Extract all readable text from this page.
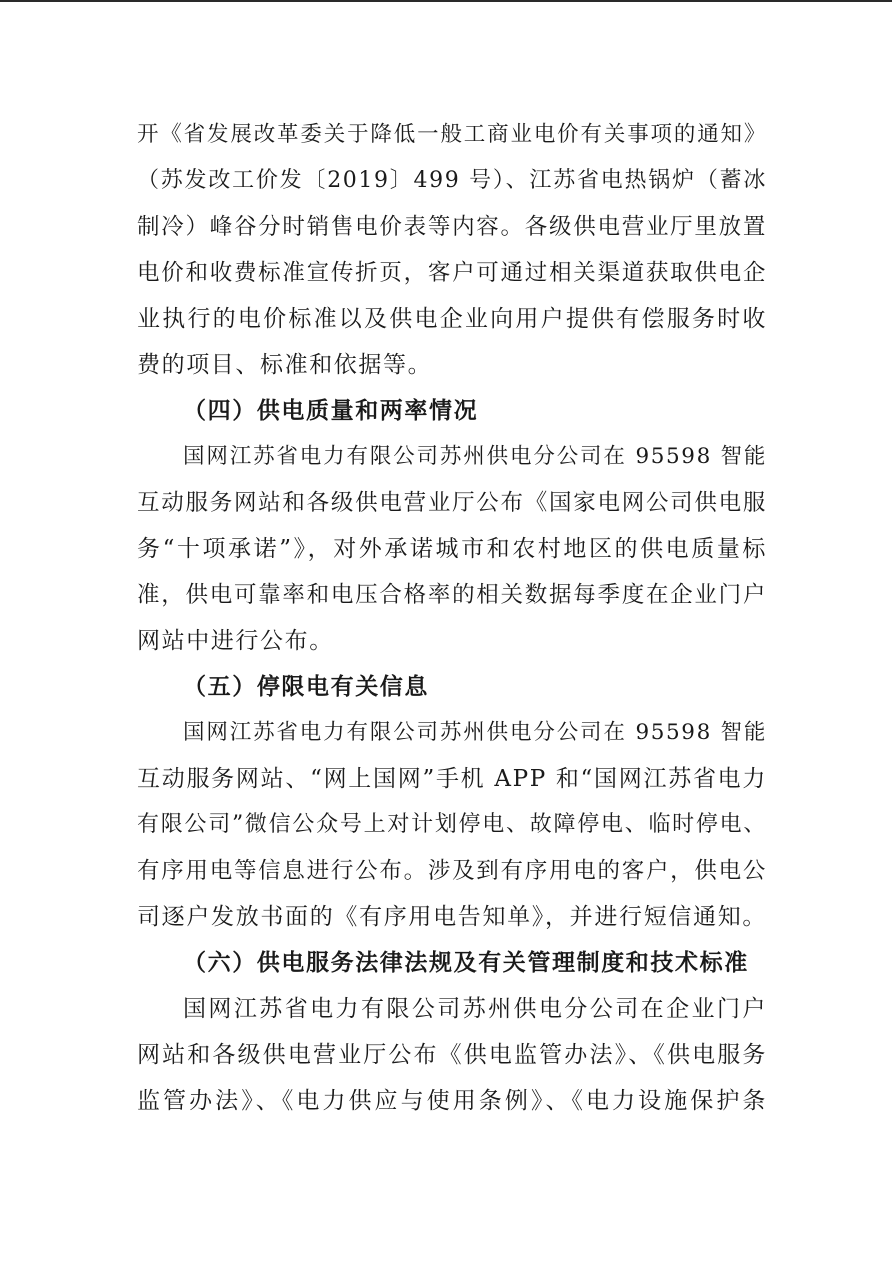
开《省发展改革委关于降低一般工商业电价有关事项的通知》
（苏发改工价发〔2019〕499 号）、江苏省电热锅炉（蓄冰
制冷）峰谷分时销售电价表等内容。各级供电营业厅里放置
电价和收费标准宣传折页，客户可通过相关渠道获取供电企
业执行的电价标准以及供电企业向用户提供有偿服务时收
费的项目、标准和依据等。
（四）供电质量和两率情况
国网江苏省电力有限公司苏州供电分公司在 95598 智能
互动服务网站和各级供电营业厅公布《国家电网公司供电服
务“十项承诺”》，对外承诺城市和农村地区的供电质量标
准，供电可靠率和电压合格率的相关数据每季度在企业门户
网站中进行公布。
（五）停限电有关信息
国网江苏省电力有限公司苏州供电分公司在 95598 智能
互动服务网站、“网上国网”手机 APP 和“国网江苏省电力
有限公司”微信公众号上对计划停电、故障停电、临时停电、
有序用电等信息进行公布。涉及到有序用电的客户，供电公
司逐户发放书面的《有序用电告知单》，并进行短信通知。
（六）供电服务法律法规及有关管理制度和技术标准
国网江苏省电力有限公司苏州供电分公司在企业门户
网站和各级供电营业厅公布《供电监管办法》、《供电服务
监管办法》、《电力供应与使用条例》、《电力设施保护条
